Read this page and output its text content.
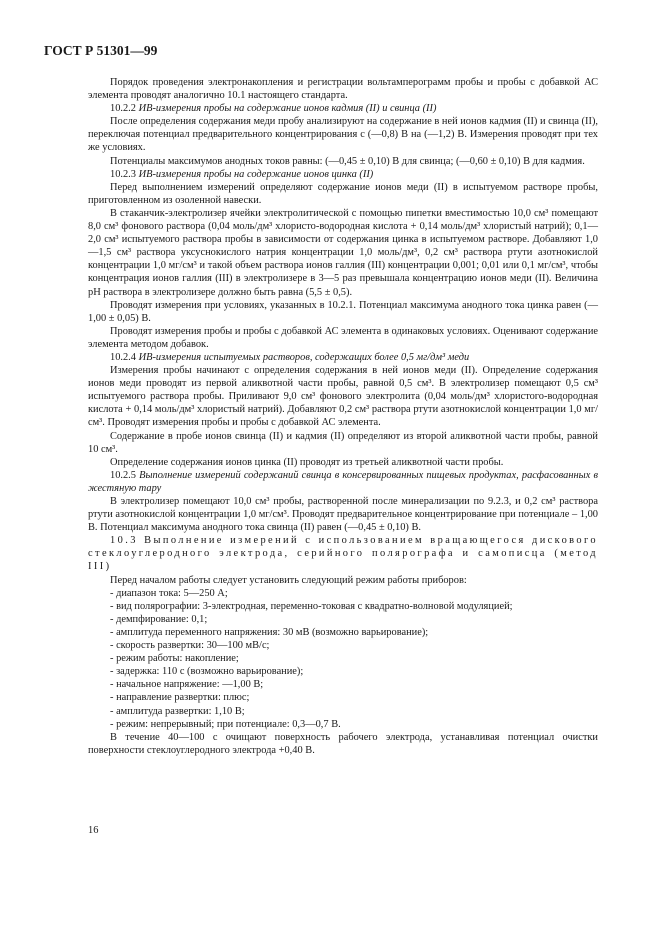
ГОСТ Р 51301—99

Порядок проведения электронакопления и регистрации вольтамперограмм пробы и пробы с добавкой АС элемента проводят аналогично 10.1 настоящего стандарта.

10.2.2 ИВ-измерения пробы на содержание ионов кадмия (II) и свинца (II)

После определения содержания меди пробу анализируют на содержание в ней ионов кадмия (II) и свинца (II), переключая потенциал предварительного концентрирования с (—0,8) В на (—1,2) В. Измерения проводят при тех же условиях.

Потенциалы максимумов анодных токов равны: (—0,45 ± 0,10) В для свинца; (—0,60 ± 0,10) В для кадмия.

10.2.3 ИВ-измерения пробы на содержание ионов цинка (II)

Перед выполнением измерений определяют содержание ионов меди (II) в испытуемом растворе пробы, приготовленном из озоленной навески.

В стаканчик-электролизер ячейки электролитической с помощью пипетки вместимостью 10,0 см³ помещают 8,0 см³ фонового раствора (0,04 моль/дм³ хлористо-водородная кислота + 0,14 моль/дм³ хлористый натрий); 0,1—2,0 см³ испытуемого раствора пробы в зависимости от содержания цинка в испытуемом растворе. Добавляют 1,0—1,5 см³ раствора уксуснокислого натрия концентрации 1,0 моль/дм³, 0,2 см³ раствора ртути азотнокислой концентрации 1,0 мг/см³ и такой объем раствора ионов галлия (III) концентрации 0,001; 0,01 или 0,1 мг/см³, чтобы концентрация ионов галлия (III) в электролизере в 3—5 раз превышала концентрацию ионов меди (II). Величина pH раствора в электролизере должно быть равна (5,5 ± 0,5).

Проводят измерения при условиях, указанных в 10.2.1. Потенциал максимума анодного тока цинка равен (—1,00 ± 0,05) В.

Проводят измерения пробы и пробы с добавкой АС элемента в одинаковых условиях. Оценивают содержание элемента методом добавок.

10.2.4 ИВ-измерения испытуемых растворов, содержащих более 0,5 мг/дм³ меди

Измерения пробы начинают с определения содержания в ней ионов меди (II). Определение содержания ионов меди проводят из первой аликвотной части пробы, равной 0,5 см³. В электролизер помещают 0,5 см³ испытуемого раствора пробы. Приливают 9,0 см³ фонового электролита (0,04 моль/дм³ хлористого-водородная кислота + 0,14 моль/дм³ хлористый натрий). Добавляют 0,2 см³ раствора ртути азотнокислой концентрации 1,0 мг/см³. Проводят измерения пробы и пробы с добавкой АС элемента.

Содержание в пробе ионов свинца (II) и кадмия (II) определяют из второй аликвотной части пробы, равной 10 см³.

Определение содержания ионов цинка (II) проводят из третьей аликвотной части пробы.

10.2.5 Выполнение измерений содержаний свинца в консервированных пищевых продуктах, расфасованных в жестяную тару

В электролизер помещают 10,0 см³ пробы, растворенной после минерализации по 9.2.3, и 0,2 см³ раствора ртути азотнокислой концентрации 1,0 мг/см³. Проводят предварительное концентрирование при потенциале – 1,00 В. Потенциал максимума анодного тока свинца (II) равен (—0,45 ± 0,10) В.

10.3 Выполнение измерений с использованием вращающегося дискового стеклоуглеродного электрода, серийного полярографа и самописца (метод III)

Перед началом работы следует установить следующий режим работы приборов:

- диапазон тока: 5—250 А;
- вид полярографии: 3-электродная, переменно-токовая с квадратно-волновой модуляцией;
- демпфирование: 0,1;
- амплитуда переменного напряжения: 30 мВ (возможно варьирование);
- скорость развертки: 30—100 мВ/с;
- режим работы: накопление;
- задержка: 110 с (возможно варьирование);
- начальное напряжение: —1,00 В;
- направление развертки: плюс;
- амплитуда развертки: 1,10 В;
- режим: непрерывный; при потенциале: 0,3—0,7 В.

В течение 40—100 с очищают поверхность рабочего электрода, устанавливая потенциал очистки поверхности стеклоуглеродного электрода +0,40 В.

16
